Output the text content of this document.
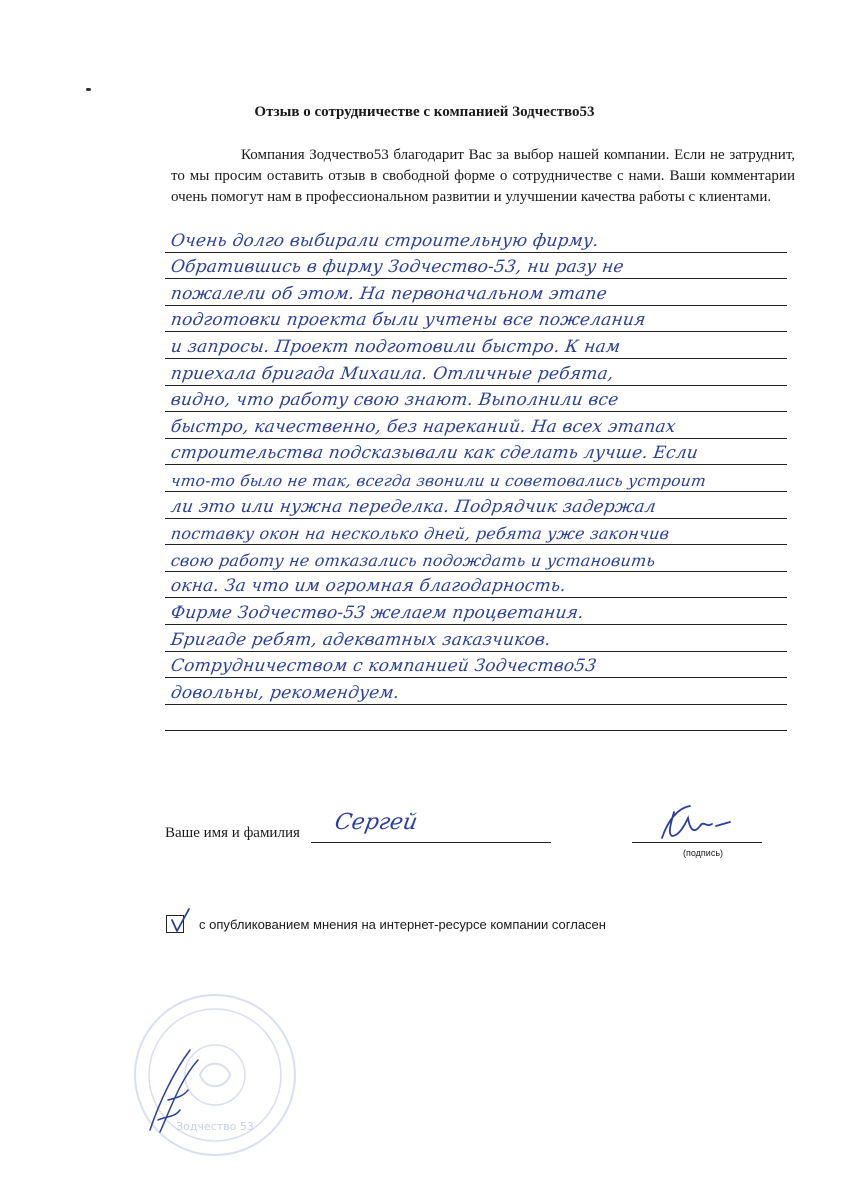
Отзыв о сотрудничестве с компанией Зодчество53
Компания Зодчество53 благодарит Вас за выбор нашей компании. Если не затруднит, то мы просим оставить отзыв в свободной форме о сотрудничестве с нами. Ваши комментарии очень помогут нам в профессиональном развитии и улучшении качества работы с клиентами.
Очень долго выбирали строительную фирму.
Обратившись в фирму Зодчество-53, ни разу не
пожалели об этом. На первоначальном этапе
подготовки проекта были учтены все пожелания
и запросы. Проект подготовили быстро. К нам
приехала бригада Михаила. Отличные ребята,
видно, что работу свою знают. Выполнили все
быстро, качественно, без нареканий. На всех этапах
строительства подсказывали как сделать лучше. Если
что-то было не так, всегда звонили и советовались устроит
ли это или нужна переделка. Подрядчик задержал
поставку окон на несколько дней, ребята уже закончив
свою работу не отказались подождать и установить
окна. За что им огромная благодарность.
Фирме Зодчество-53 желаем процветания.
Бригаде ребят, адекватных заказчиков.
Сотрудничеством с компанией Зодчество53
довольны, рекомендуем.
Ваше имя и фамилия Сергей
(подпись)
с опубликованием мнения на интернет-ресурсе компании согласен
Зодчество 53
